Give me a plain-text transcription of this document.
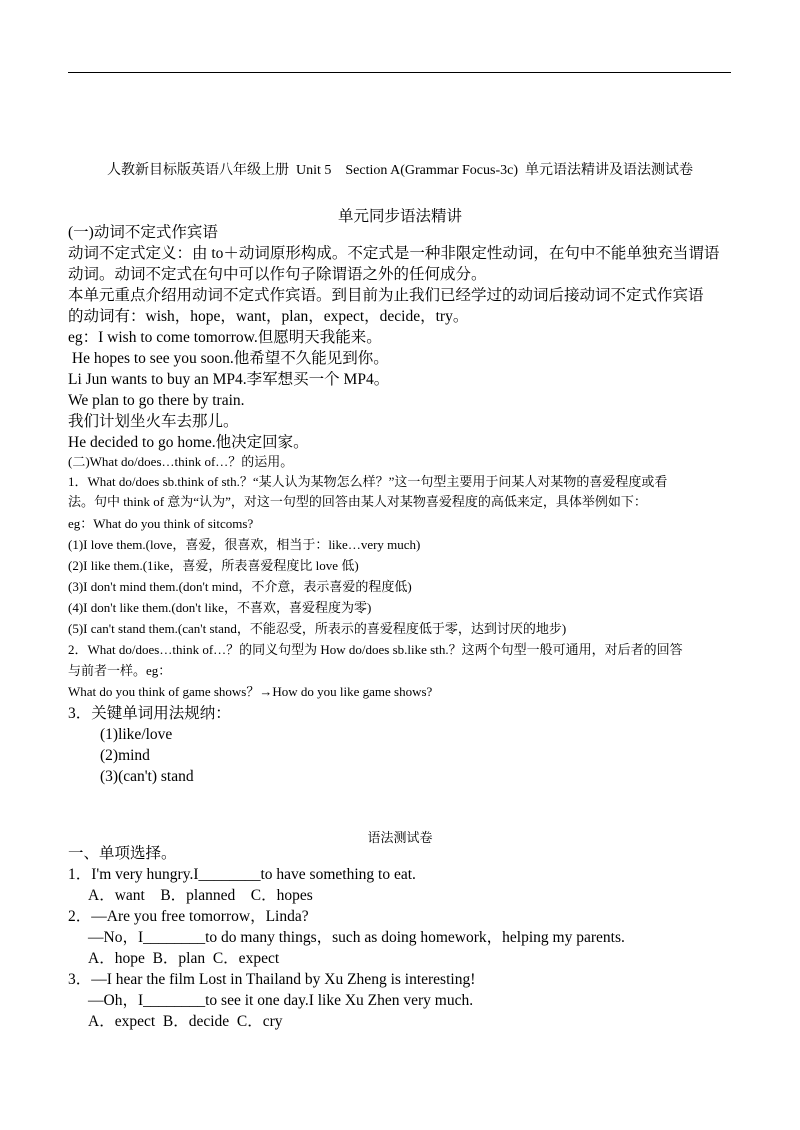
人教新目标版英语八年级上册  Unit 5    Section A(Grammar Focus-3c)  单元语法精讲及语法测试卷
单元同步语法精讲
(一)动词不定式作宾语
动词不定式定义：由 to＋动词原形构成。不定式是一种非限定性动词，在句中不能单独充当谓语
动词。动词不定式在句中可以作句子除谓语之外的任何成分。
本单元重点介绍用动词不定式作宾语。到目前为止我们已经学过的动词后接动词不定式作宾语
的动词有：wish，hope，want，plan，expect，decide，try。
eg：I wish to come tomorrow.但愿明天我能来。
He hopes to see you soon.他希望不久能见到你。
Li Jun wants to buy an MP4.李军想买一个 MP4。
We plan to go there by train.
我们计划坐火车去那儿。
He decided to go home.他决定回家。
(二)What do/does…think of…？的运用。
1．What do/does sb.think of sth.？“某人认为某物怎么样？”这一句型主要用于问某人对某物的喜爱程度或看
法。句中 think of 意为“认为”，对这一句型的回答由某人对某物喜爱程度的高低来定，具体举例如下：
eg：What do you think of sitcoms?
(1)I love them.(love，喜爱，很喜欢，相当于：like…very much)
(2)I like them.(1ike，喜爱，所表喜爱程度比 love 低)
(3)I don't mind them.(don't mind，不介意，表示喜爱的程度低)
(4)I don't like them.(don't like，不喜欢，喜爱程度为零)
(5)I can't stand them.(can't stand，不能忍受，所表示的喜爱程度低于零，达到讨厌的地步)
2．What do/does…think of…？的同义句型为 How do/does sb.like sth.？这两个句型一般可通用，对后者的回答
与前者一样。eg：
What do you think of game shows？→How do you like game shows?
3．关键单词用法规纳：
(1)like/love
(2)mind
(3)(can't) stand
语法测试卷
一、单项选择。
1．I'm very hungry.I________to have something to eat.
A．want    B．planned    C．hopes
2．—Are you free tomorrow，Linda?
—No，I________to do many things，such as doing homework，helping my parents.
A．hope  B．plan  C．expect
3．—I hear the film Lost in Thailand by Xu Zheng is interesting!
—Oh，I________to see it one day.I like Xu Zhen very much.
A．expect  B．decide  C．cry
